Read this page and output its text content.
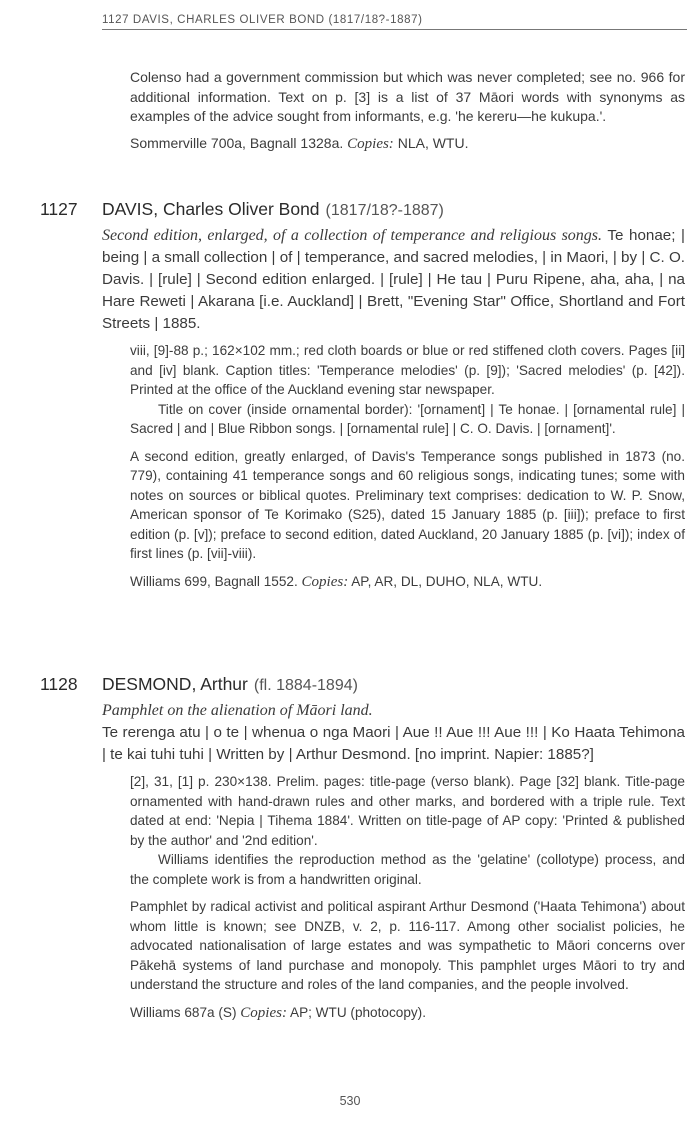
1127 DAVIS, CHARLES OLIVER BOND (1817/18?-1887)

Colenso had a government commission but which was never completed; see no. 966 for additional information. Text on p. [3] is a list of 37 Māori words with synonyms as examples of the advice sought from informants, e.g. 'he kereru—he kukupa.'.

Sommerville 700a, Bagnall 1328a. Copies: NLA, WTU.

1127 DAVIS, Charles Oliver Bond (1817/18?-1887)

Second edition, enlarged, of a collection of temperance and religious songs. Te honae; | being | a small collection | of | temperance, and sacred melodies, | in Maori, | by | C. O. Davis. | [rule] | Second edition enlarged. | [rule] | He tau | Puru Ripene, aha, aha, | na Hare Reweti | Akarana [i.e. Auckland] | Brett, "Evening Star" Office, Shortland and Fort Streets | 1885.

viii, [9]-88 p.; 162×102 mm.; red cloth boards or blue or red stiffened cloth covers. Pages [ii] and [iv] blank. Caption titles: 'Temperance melodies' (p. [9]); 'Sacred melodies' (p. [42]). Printed at the office of the Auckland evening star newspaper.

Title on cover (inside ornamental border): '[ornament] | Te honae. | [ornamental rule] | Sacred | and | Blue Ribbon songs. | [ornamental rule] | C. O. Davis. | [ornament]'.

A second edition, greatly enlarged, of Davis's Temperance songs published in 1873 (no. 779), containing 41 temperance songs and 60 religious songs, indicating tunes; some with notes on sources or biblical quotes. Preliminary text comprises: dedication to W. P. Snow, American sponsor of Te Korimako (S25), dated 15 January 1885 (p. [iii]); preface to first edition (p. [v]); preface to second edition, dated Auckland, 20 January 1885 (p. [vi]); index of first lines (p. [vii]-viii).

Williams 699, Bagnall 1552. Copies: AP, AR, DL, DUHO, NLA, WTU.

1128 DESMOND, Arthur (fl. 1884-1894)

Pamphlet on the alienation of Māori land.
Te rerenga atu | o te | whenua o nga Maori | Aue !! Aue !!! Aue !!! | Ko Haata Tehimona | te kai tuhi tuhi | Written by | Arthur Desmond. [no imprint. Napier: 1885?]

[2], 31, [1] p. 230×138. Prelim. pages: title-page (verso blank). Page [32] blank. Title-page ornamented with hand-drawn rules and other marks, and bordered with a triple rule. Text dated at end: 'Nepia | Tihema 1884'. Written on title-page of AP copy: 'Printed & published by the author' and '2nd edition'.

Williams identifies the reproduction method as the 'gelatine' (collotype) process, and the complete work is from a handwritten original.

Pamphlet by radical activist and political aspirant Arthur Desmond ('Haata Tehimona') about whom little is known; see DNZB, v. 2, p. 116-117. Among other socialist policies, he advocated nationalisation of large estates and was sympathetic to Māori concerns over Pākehā systems of land purchase and monopoly. This pamphlet urges Māori to try and understand the structure and roles of the land companies, and the people involved.

Williams 687a (S) Copies: AP; WTU (photocopy).

530
